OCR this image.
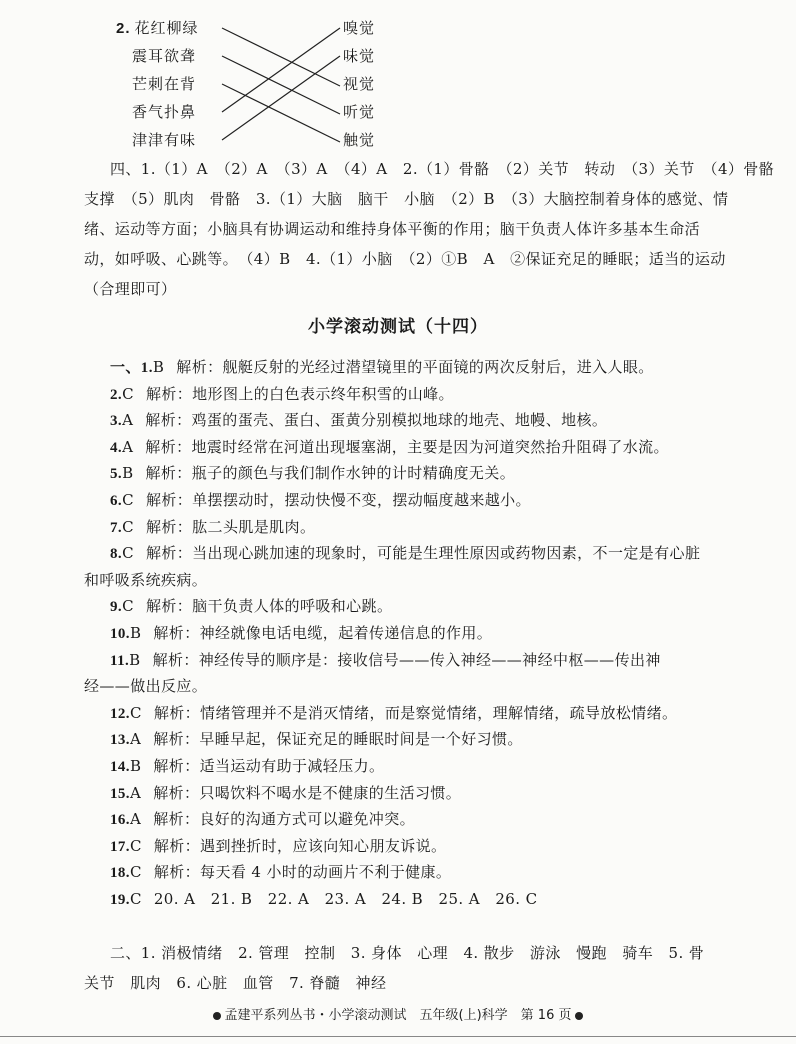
2. 花红柳绿
震耳欲聋
芒刺在背
香气扑鼻
津津有味
嗅觉
味觉
视觉
听觉
触觉
四、1.（1）A　（2）A　（3）A　（4）A　2.（1）骨骼　（2）关节　转动　（3）关节　（4）骨骼
支撑　（5）肌肉　骨骼　3.（1）大脑　脑干　小脑　（2）B　（3）大脑控制着身体的感觉、情
绪、运动等方面；小脑具有协调运动和维持身体平衡的作用；脑干负责人体许多基本生命活
动，如呼吸、心跳等。　（4）B　4.（1）小脑　（2）①B　A　②保证充足的睡眠；适当的运动
（合理即可）
小学滚动测试（十四）
一、1.B 解析：舰艇反射的光经过潜望镜里的平面镜的两次反射后，进入人眼。
2.C 解析：地形图上的白色表示终年积雪的山峰。
3.A 解析：鸡蛋的蛋壳、蛋白、蛋黄分别模拟地球的地壳、地幔、地核。
4.A 解析：地震时经常在河道出现堰塞湖，主要是因为河道突然抬升阻碍了水流。
5.B 解析：瓶子的颜色与我们制作水钟的计时精确度无关。
6.C 解析：单摆摆动时，摆动快慢不变，摆动幅度越来越小。
7.C 解析：肱二头肌是肌肉。
8.C 解析：当出现心跳加速的现象时，可能是生理性原因或药物因素，不一定是有心脏
和呼吸系统疾病。
9.C 解析：脑干负责人体的呼吸和心跳。
10.B 解析：神经就像电话电缆，起着传递信息的作用。
11.B 解析：神经传导的顺序是：接收信号——传入神经——神经中枢——传出神
经——做出反应。
12.C 解析：情绪管理并不是消灭情绪，而是察觉情绪，理解情绪，疏导放松情绪。
13.A 解析：早睡早起，保证充足的睡眠时间是一个好习惯。
14.B 解析：适当运动有助于减轻压力。
15.A 解析：只喝饮料不喝水是不健康的生活习惯。
16.A 解析：良好的沟通方式可以避免冲突。
17.C 解析：遇到挫折时，应该向知心朋友诉说。
18.C 解析：每天看 4 小时的动画片不利于健康。
19.C 20. A　21. B　22. A　23. A　24. B　25. A　26. C
二、1. 消极情绪　2. 管理　控制　3. 身体　心理　4. 散步　游泳　慢跑　骑车　5. 骨
关节　肌肉　6. 心脏　血管　7. 脊髓　神经
孟建平系列丛书・小学滚动测试　五年级(上)科学　第 16 页
